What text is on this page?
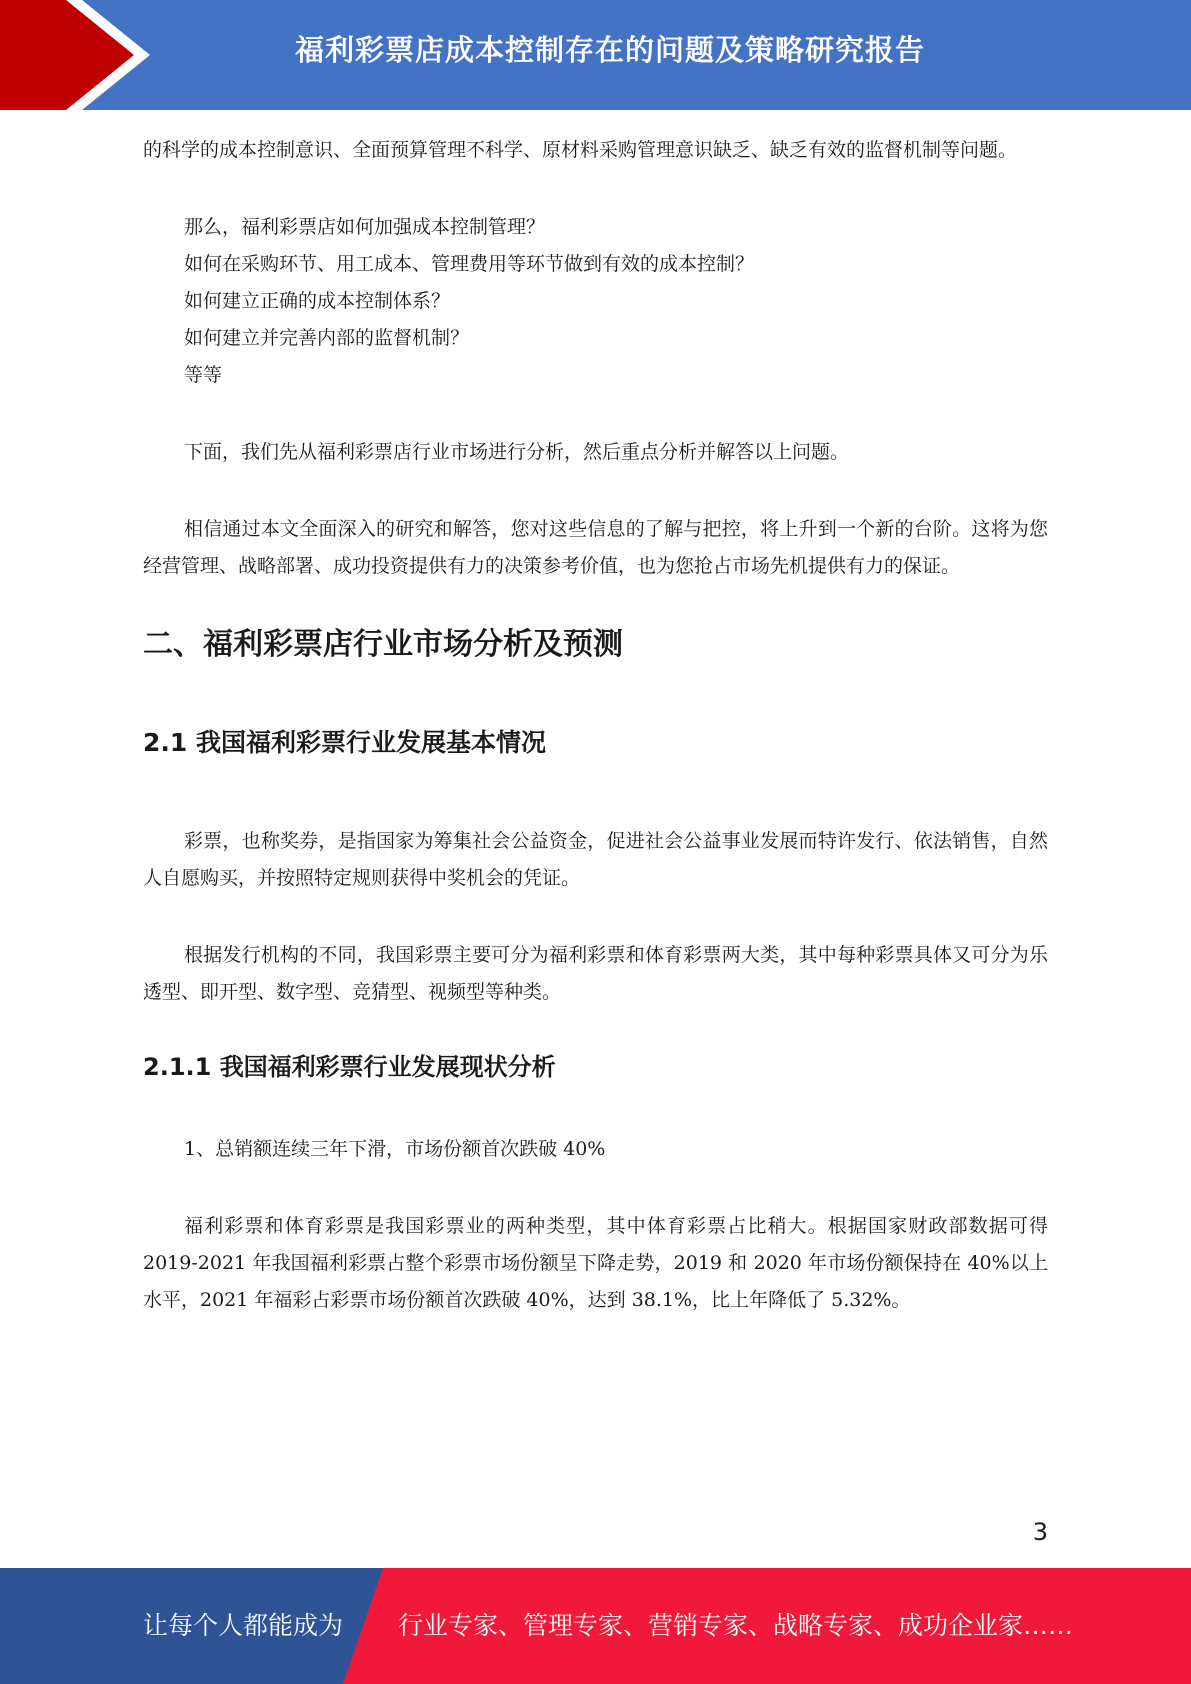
福利彩票店成本控制存在的问题及策略研究报告

的科学的成本控制意识、全面预算管理不科学、原材料采购管理意识缺乏、缺乏有效的监督机制等问题。

那么，福利彩票店如何加强成本控制管理？

如何在采购环节、用工成本、管理费用等环节做到有效的成本控制？

如何建立正确的成本控制体系？

如何建立并完善内部的监督机制？

等等

下面，我们先从福利彩票店行业市场进行分析，然后重点分析并解答以上问题。

相信通过本文全面深入的研究和解答，您对这些信息的了解与把控，将上升到一个新的台阶。这将为您经营管理、战略部署、成功投资提供有力的决策参考价值，也为您抢占市场先机提供有力的保证。

二、福利彩票店行业市场分析及预测
2.1 我国福利彩票行业发展基本情况

彩票，也称奖券，是指国家为筹集社会公益资金，促进社会公益事业发展而特许发行、依法销售，自然人自愿购买，并按照特定规则获得中奖机会的凭证。

根据发行机构的不同，我国彩票主要可分为福利彩票和体育彩票两大类，其中每种彩票具体又可分为乐透型、即开型、数字型、竞猜型、视频型等种类。

2.1.1 我国福利彩票行业发展现状分析

1、总销额连续三年下滑，市场份额首次跌破 40%

福利彩票和体育彩票是我国彩票业的两种类型，其中体育彩票占比稍大。根据国家财政部数据可得 2019-2021 年我国福利彩票占整个彩票市场份额呈下降走势，2019 和 2020 年市场份额保持在 40%以上水平，2021 年福彩占彩票市场份额首次跌破 40%，达到 38.1%，比上年降低了 5.32%。

3
让每个人都能成为 行业专家、管理专家、营销专家、战略专家、成功企业家……
